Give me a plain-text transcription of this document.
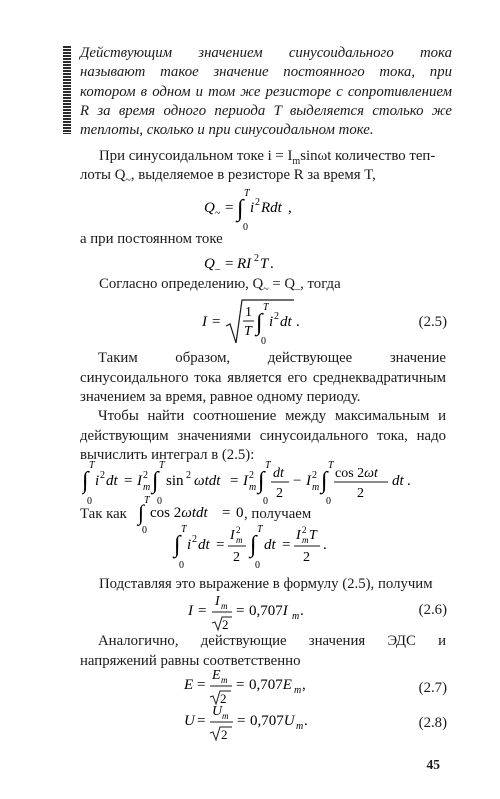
Действующим значением синусоидального тока называют такое значение постоянного тока, при котором в одном и том же резисторе с сопротивлением R за время одного периода T выделяется столько же теплоты, сколько и при синусоидальном токе.
При синусоидальном токе $i = I_m\sin\omega t$ количество теп-
лоты $Q_\sim$, выделяемое в резисторе R за время T,
Q ~ = ∫
T
0
i 2 Rdt ,
а при постоянном токе
Q – = RI 2 T .
Согласно определению, $Q_\sim = Q_-$, тогда
I =
1
T ∫
T
0
i 2 dt .	(2.5)
Таким образом, действующее значение синусоидального тока является его среднеквадратичным значением за время, равное одному периоду.
Чтобы найти соотношение между максимальным и действующим значениями синусоидального тока, надо вычислить интеграл в (2.5):
∫
T
0
i 2 dt = I 2
m ∫
T
0
sin 2 ωtdt = I 2
m ∫
T
0
dt
2
− I 2
m ∫
T
0
cos 2ωt
2
dt .
Так как ∫ T
0
cos 2ωtdt = 0 , получаем
∫
T
0
i 2 dt =
I 2
m
2 ∫
T
0
dt =
I 2
m T
2
.
Подставляя это выражение в формулу (2.5), получим
I =
I m
2
= 0,707I m .	(2.6)
Аналогично, действующие значения ЭДС и напряжений равны соответственно
E =
E m
2
= 0,707E m ,	(2.7)
U =
U m
2
= 0,707U m .	(2.8)
45
